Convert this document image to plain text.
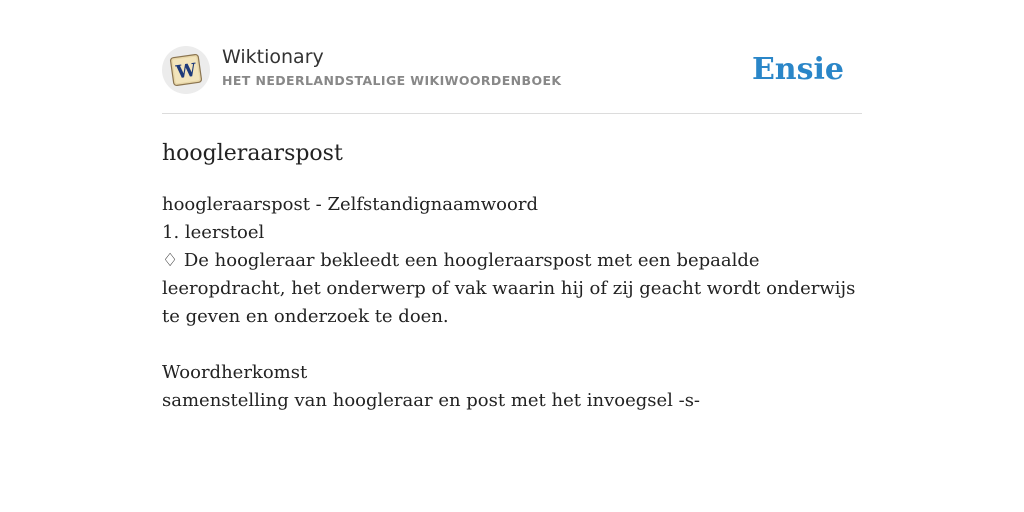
W
Wiktionary
HET NEDERLANDSTALIGE WIKIWOORDENBOEK	Ensie
hoogleraarspost

hoogleraarspost - Zelfstandignaamwoord

1. leerstoel

♢ De hoogleraar bekleedt een hoogleraarspost met een bepaalde leeropdracht, het onderwerp of vak waarin hij of zij geacht wordt onderwijs te geven en onderzoek te doen.

Woordherkomst

samenstelling van hoogleraar en post met het invoegsel -s-
